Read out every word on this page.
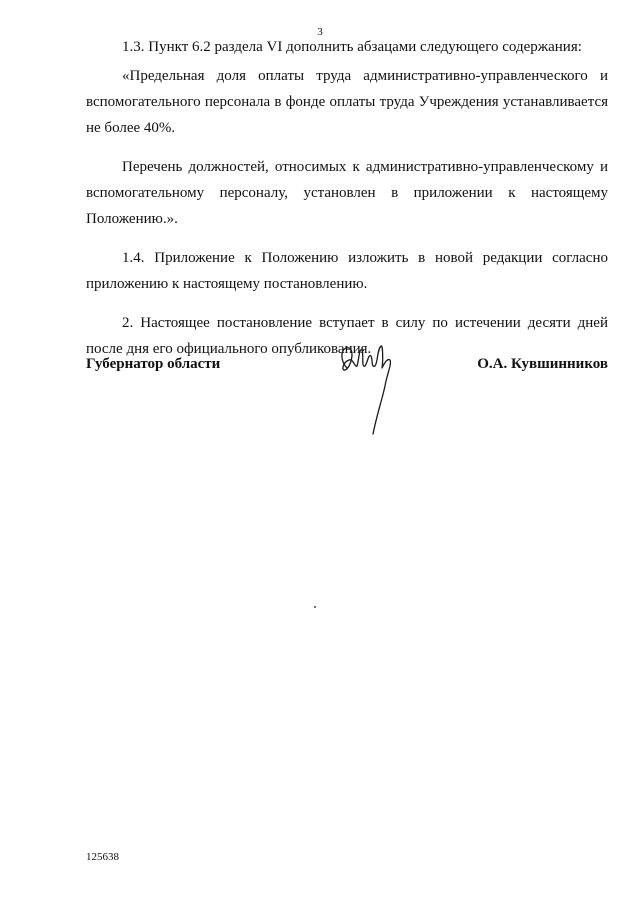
3

1.3. Пункт 6.2 раздела VI дополнить абзацами следующего содержания:

«Предельная доля оплаты труда административно-управленческого и вспомогательного персонала в фонде оплаты труда Учреждения устанавливается не более 40%.

Перечень должностей, относимых к административно-управленческому и вспомогательному персоналу, установлен в приложении к настоящему Положению.».

1.4. Приложение к Положению изложить в новой редакции согласно приложению к настоящему постановлению.

2. Настоящее постановление вступает в силу по истечении десяти дней после дня его официального опубликования.

Губернатор области	О.А. Кувшинников
125638
